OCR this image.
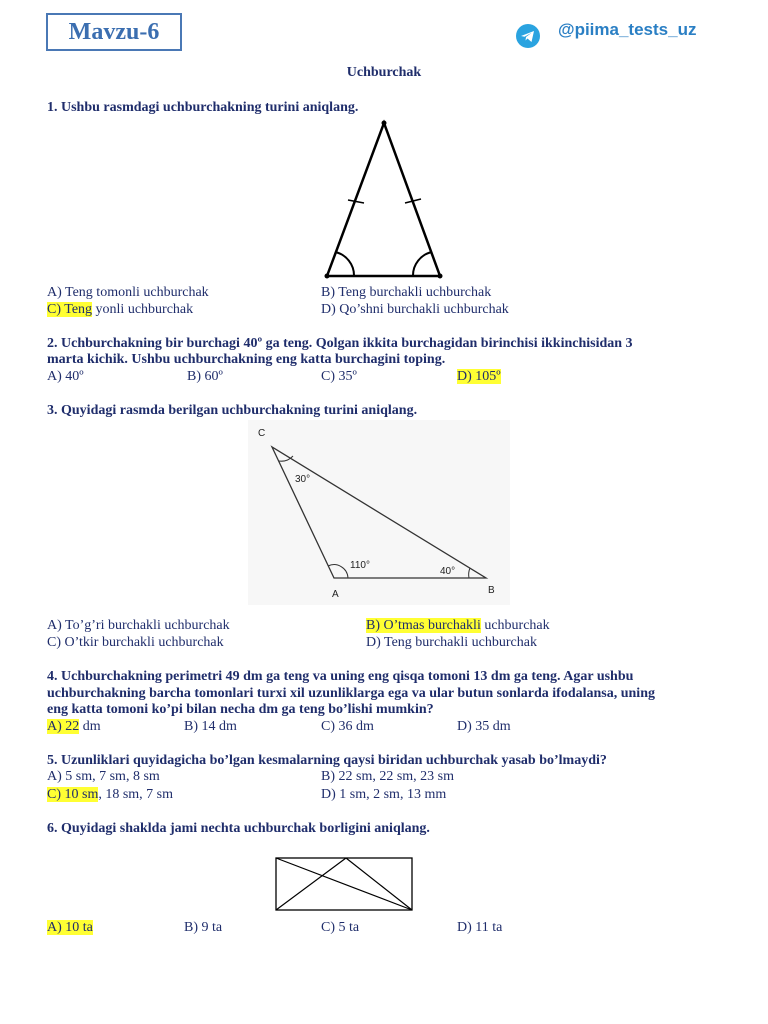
Mavzu-6	@piima_tests_uz
Uchburchak
1. Ushbu rasmdagi uchburchakning turini aniqlang.
A) Teng tomonli uchburchak	B) Teng burchakli uchburchak
C) Teng yonli uchburchak	D) Qo’shni burchakli uchburchak
2. Uchburchakning bir burchagi 40º ga teng. Qolgan ikkita burchagidan birinchisi ikkinchisidan 3
marta kichik. Ushbu uchburchakning eng katta burchagini toping.
A) 40º	B) 60º	C) 35º	D) 105º
3. Quyidagi rasmda berilgan uchburchakning turini aniqlang.
C
A	B
30°
110°
40°
A) To’g’ri burchakli uchburchak	B) O’tmas burchakli uchburchak
C) O’tkir burchakli uchburchak	D) Teng burchakli uchburchak
4. Uchburchakning perimetri 49 dm ga teng va uning eng qisqa tomoni 13 dm ga teng. Agar ushbu
uchburchakning barcha tomonlari turxi xil uzunliklarga ega va ular butun sonlarda ifodalansa, uning
eng katta tomoni ko’pi bilan necha dm ga teng bo’lishi mumkin?
A) 22 dm	B) 14 dm	C) 36 dm	D) 35 dm
5. Uzunliklari quyidagicha bo’lgan kesmalarning qaysi biridan uchburchak yasab bo’lmaydi?
A) 5 sm, 7 sm, 8 sm	B) 22 sm, 22 sm, 23 sm
C) 10 sm, 18 sm, 7 sm	D) 1 sm, 2 sm, 13 mm
6. Quyidagi shaklda jami nechta uchburchak borligini aniqlang.
A) 10 ta	B) 9 ta	C) 5 ta	D) 11 ta
